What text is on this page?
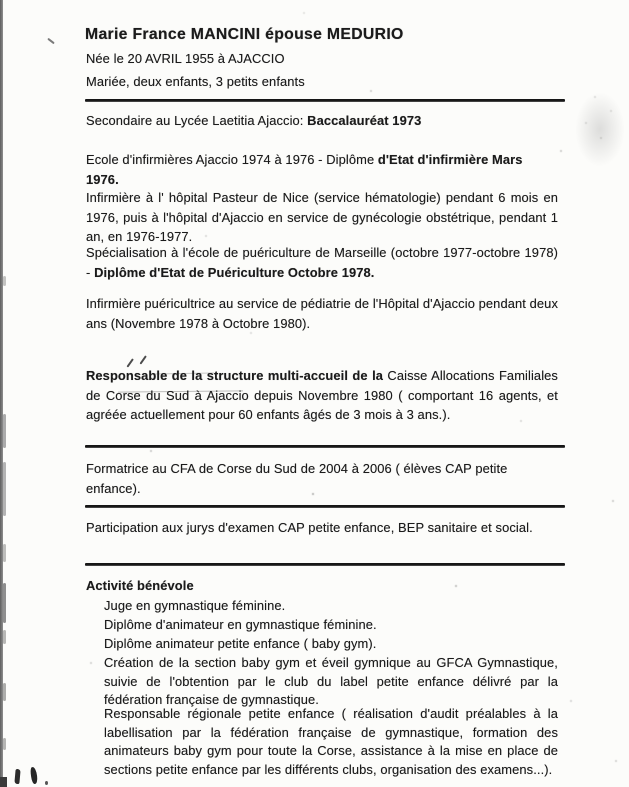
Marie France MANCINI épouse MEDURIO

Née le 20 AVRIL 1955 à AJACCIO

Mariée, deux enfants, 3 petits enfants

Secondaire au Lycée Laetitia Ajaccio: Baccalauréat 1973

Ecole d'infirmières Ajaccio 1974 à 1976 - Diplôme d'Etat d'infirmière Mars 1976.

Infirmière à l' hôpital Pasteur de Nice (service hématologie) pendant 6 mois en 1976, puis à l'hôpital d'Ajaccio en service de gynécologie obstétrique, pendant 1 an, en 1976-1977.

Spécialisation à l'école de puériculture de Marseille (octobre 1977-octobre 1978) - Diplôme d'Etat de Puériculture Octobre 1978.

Infirmière puéricultrice au service de pédiatrie de l'Hôpital d'Ajaccio pendant deux ans (Novembre 1978 à Octobre 1980).

Responsable de la structure multi-accueil de la Caisse Allocations Familiales de Corse du Sud à Ajaccio depuis Novembre 1980 ( comportant 16 agents, et agréée actuellement pour 60 enfants âgés de 3 mois à 3 ans.).

Formatrice au CFA de Corse du Sud de 2004 à 2006 ( élèves CAP petite enfance).

Participation aux jurys d'examen CAP petite enfance, BEP sanitaire et social.

Activité bénévole

Juge en gymnastique féminine.

Diplôme d'animateur en gymnastique féminine.

Diplôme animateur petite enfance ( baby gym).

Création de la section baby gym et éveil gymnique au GFCA Gymnastique, suivie de l'obtention par le club du label petite enfance délivré par la fédération française de gymnastique.

Responsable régionale petite enfance ( réalisation d'audit préalables à la labellisation par la fédération française de gymnastique, formation des animateurs baby gym pour toute la Corse, assistance à la mise en place de sections petite enfance par les différents clubs, organisation des examens...).
